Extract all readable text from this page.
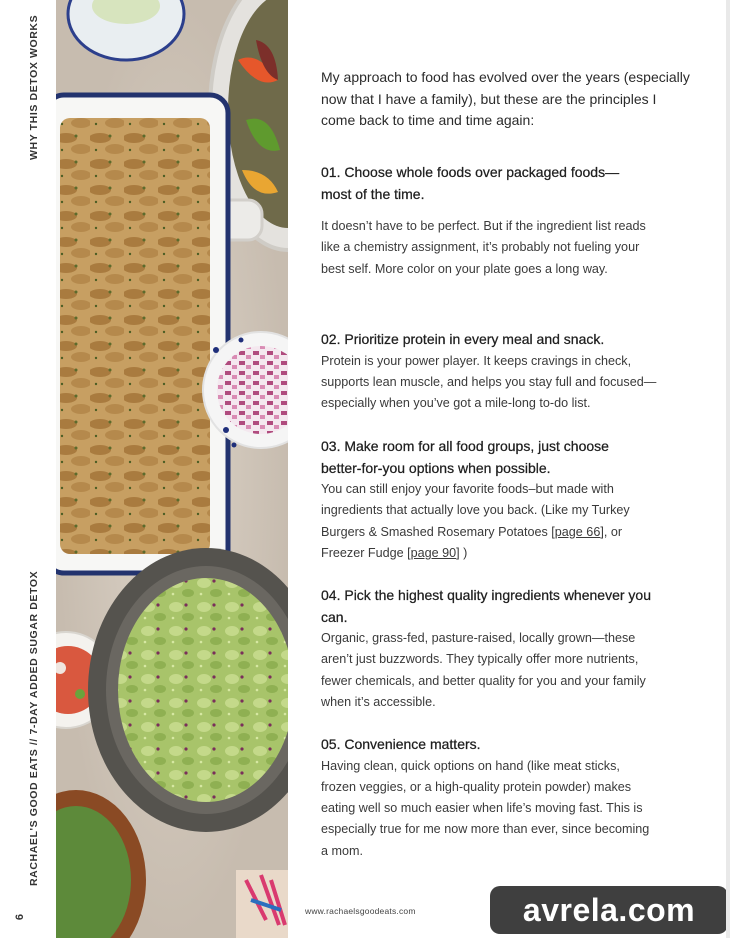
WHY THIS DETOX WORKS
RACHAEL'S GOOD EATS // 7-DAY ADDED SUGAR DETOX
6
My approach to food has evolved over the years (especially now that I have a family), but these are the principles I come back to time and time again:
01. Choose whole foods over packaged foods—most of the time.

It doesn’t have to be perfect. But if the ingredient list reads like a chemistry assignment, it’s probably not fueling your best self. More color on your plate goes a long way.

02. Prioritize protein in every meal and snack.

Protein is your power player. It keeps cravings in check, supports lean muscle, and helps you stay full and focused—especially when you’ve got a mile-long to-do list.

03. Make room for all food groups, just choose better-for-you options when possible.

You can still enjoy your favorite foods–but made with ingredients that actually love you back. (Like my Turkey Burgers & Smashed Rosemary Potatoes [page 66], or Freezer Fudge [page 90] )

04. Pick the highest quality ingredients whenever you can.

Organic, grass-fed, pasture-raised, locally grown—these aren’t just buzzwords. They typically offer more nutrients, fewer chemicals, and better quality for you and your family when it’s accessible.

05. Convenience matters.

Having clean, quick options on hand (like meat sticks, frozen veggies, or a high-quality protein powder) makes eating well so much easier when life’s moving fast. This is especially true for me now more than ever, since becoming a mom.

www.rachaelsgoodeats.com	avrela.com
